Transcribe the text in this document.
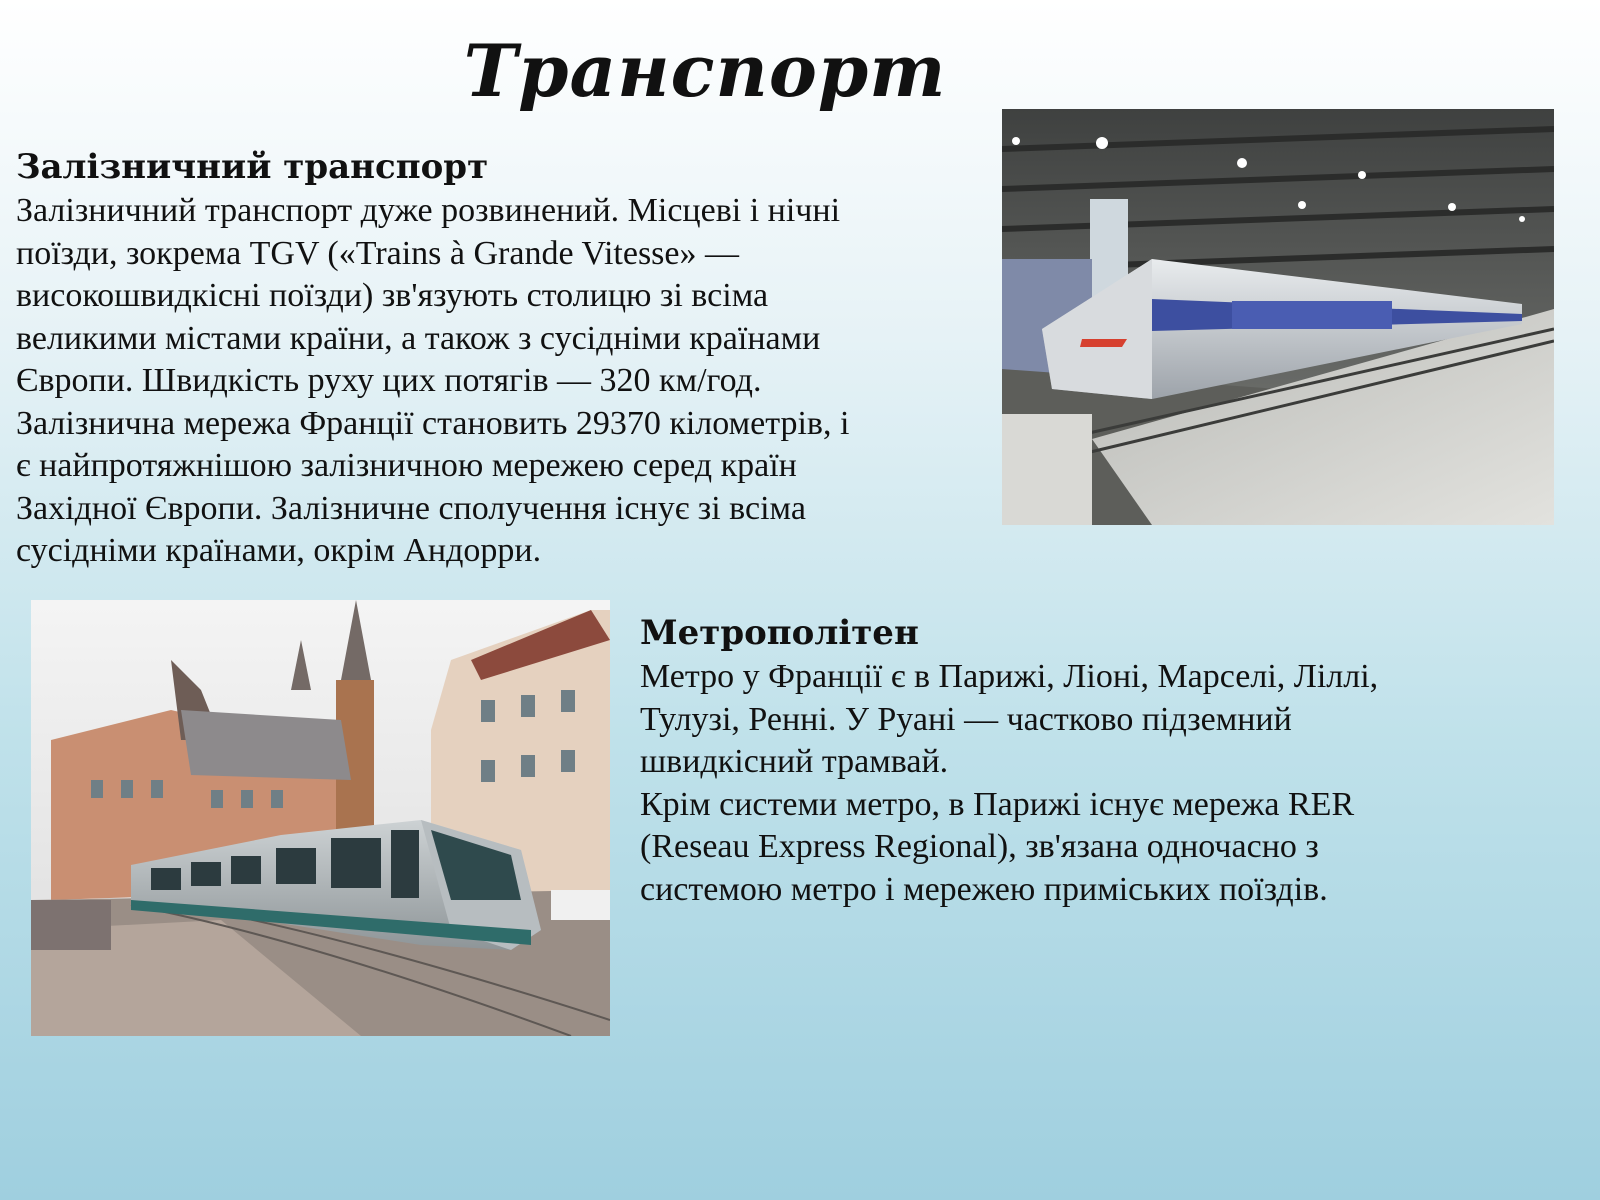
Транспорт
Залізничний транспорт

Залізничний транспорт дуже розвинений. Місцеві і нічні
поїзди, зокрема TGV («Trains à Grande Vitesse» —
високошвидкісні поїзди) зв'язують столицю зі всіма
великими містами країни, а також з сусідніми країнами
Європи. Швидкість руху цих потягів — 320 км/год.
Залізнична мережа Франції становить 29370 кілометрів, і
є найпротяжнішою залізничною мережею серед країн
Західної Європи. Залізничне сполучення існує зі всіма
сусідніми країнами, окрім Андорри.

Метрополітен

Метро у Франції є в Парижі, Ліоні, Марселі, Ліллі,
Тулузі, Ренні. У Руані — частково підземний
швидкісний трамвай.
Крім системи метро, в Парижі існує мережа RER
(Reseau Express Regional), зв'язана одночасно з
системою метро і мережею приміських поїздів.
